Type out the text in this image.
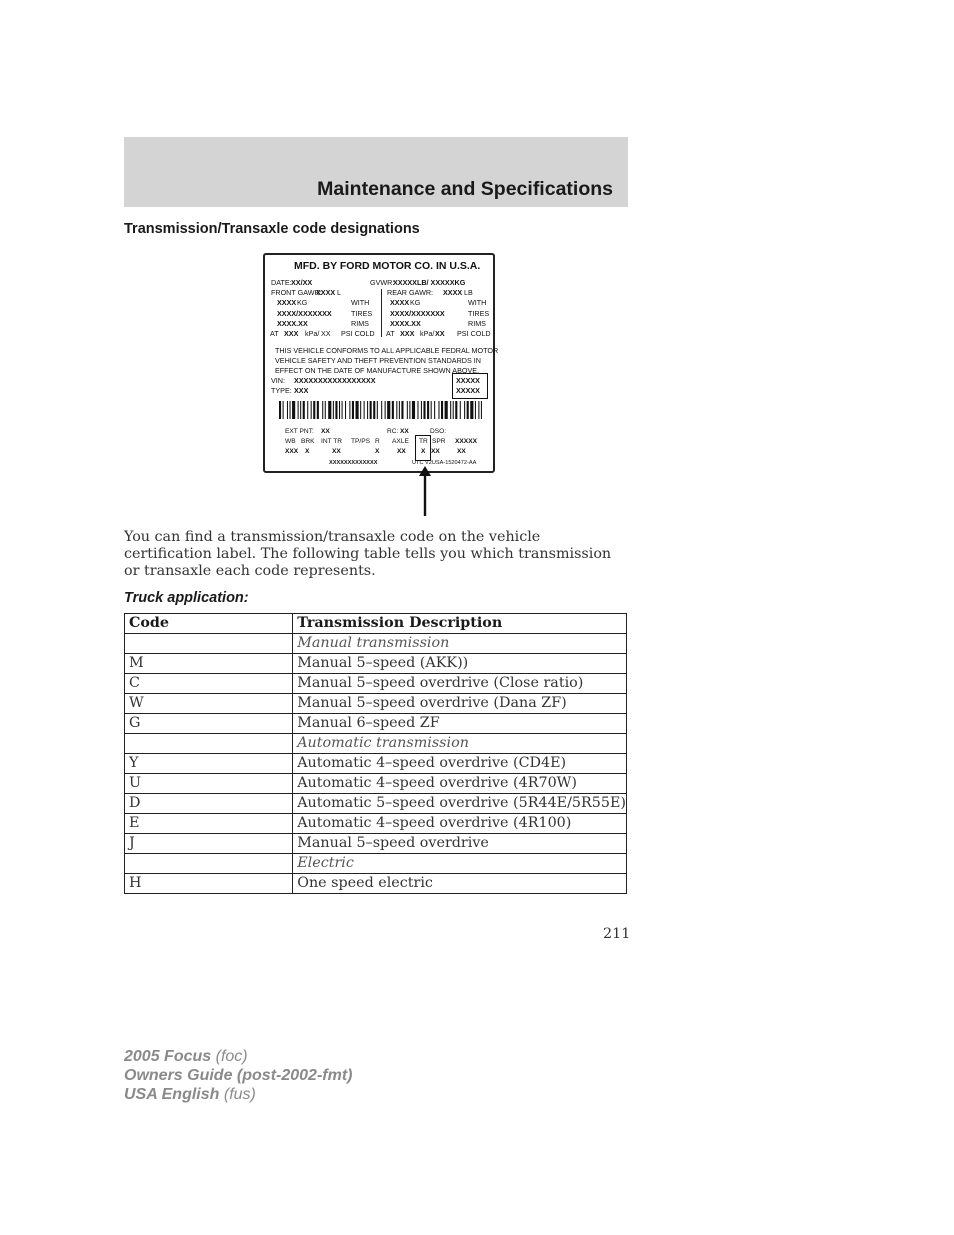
Maintenance and Specifications
Transmission/Transaxle code designations
MFD. BY FORD MOTOR CO. IN U.S.A.
DATE: XX/XX	GVWR:
XXXXXLB/ XXXXXKG
FRONT GAWR:
XXXX L	REAR GAWR: XXXX LB
XXXX KG	WITH	XXXX KG	WITH
XXXX/XXXXXXX	TIRES XXXX/XXXXXXX	TIRES
XXXX.XX	RIMS	XXXX.XX	RIMS
AT XXX kPa/ XX PSI COLD AT XXX kPa/ XX PSI COLD
THIS VEHICLE CONFORMS TO ALL APPLICABLE FEDRAL MOTOR
VEHICLE SAFETY AND THEFT PREVENTION STANDARDS IN
EFFECT ON THE DATE OF MANUFACTURE SHOWN ABOVE.
VIN: XXXXXXXXXXXXXXXXX
TYPE: XXX
XXXXX
XXXXX
EXT PNT: XX	RC: XX	DSO:
WB BRK INT TR TP/PS R AXLE TR SPR XXXXX
XXX X	XX	X	XX X XX	XX
XXXXXXXXXXXXX	UTC V2USA-1520472-AA
You can find a transmission/transaxle code on the vehicle certification label. The following table tells you which transmission or transaxle each code represents.
Truck application:
Code	Transmission Description
	Manual transmission
M	Manual 5–speed (AKK))
C	Manual 5–speed overdrive (Close ratio)
W	Manual 5–speed overdrive (Dana ZF)
G	Manual 6–speed ZF
	Automatic transmission
Y	Automatic 4–speed overdrive (CD4E)
U	Automatic 4–speed overdrive (4R70W)
D	Automatic 5–speed overdrive (5R44E/5R55E)
E	Automatic 4–speed overdrive (4R100)
J	Manual 5–speed overdrive
	Electric
H	One speed electric
211
2005 Focus (foc)
Owners Guide (post-2002-fmt)
USA English (fus)
